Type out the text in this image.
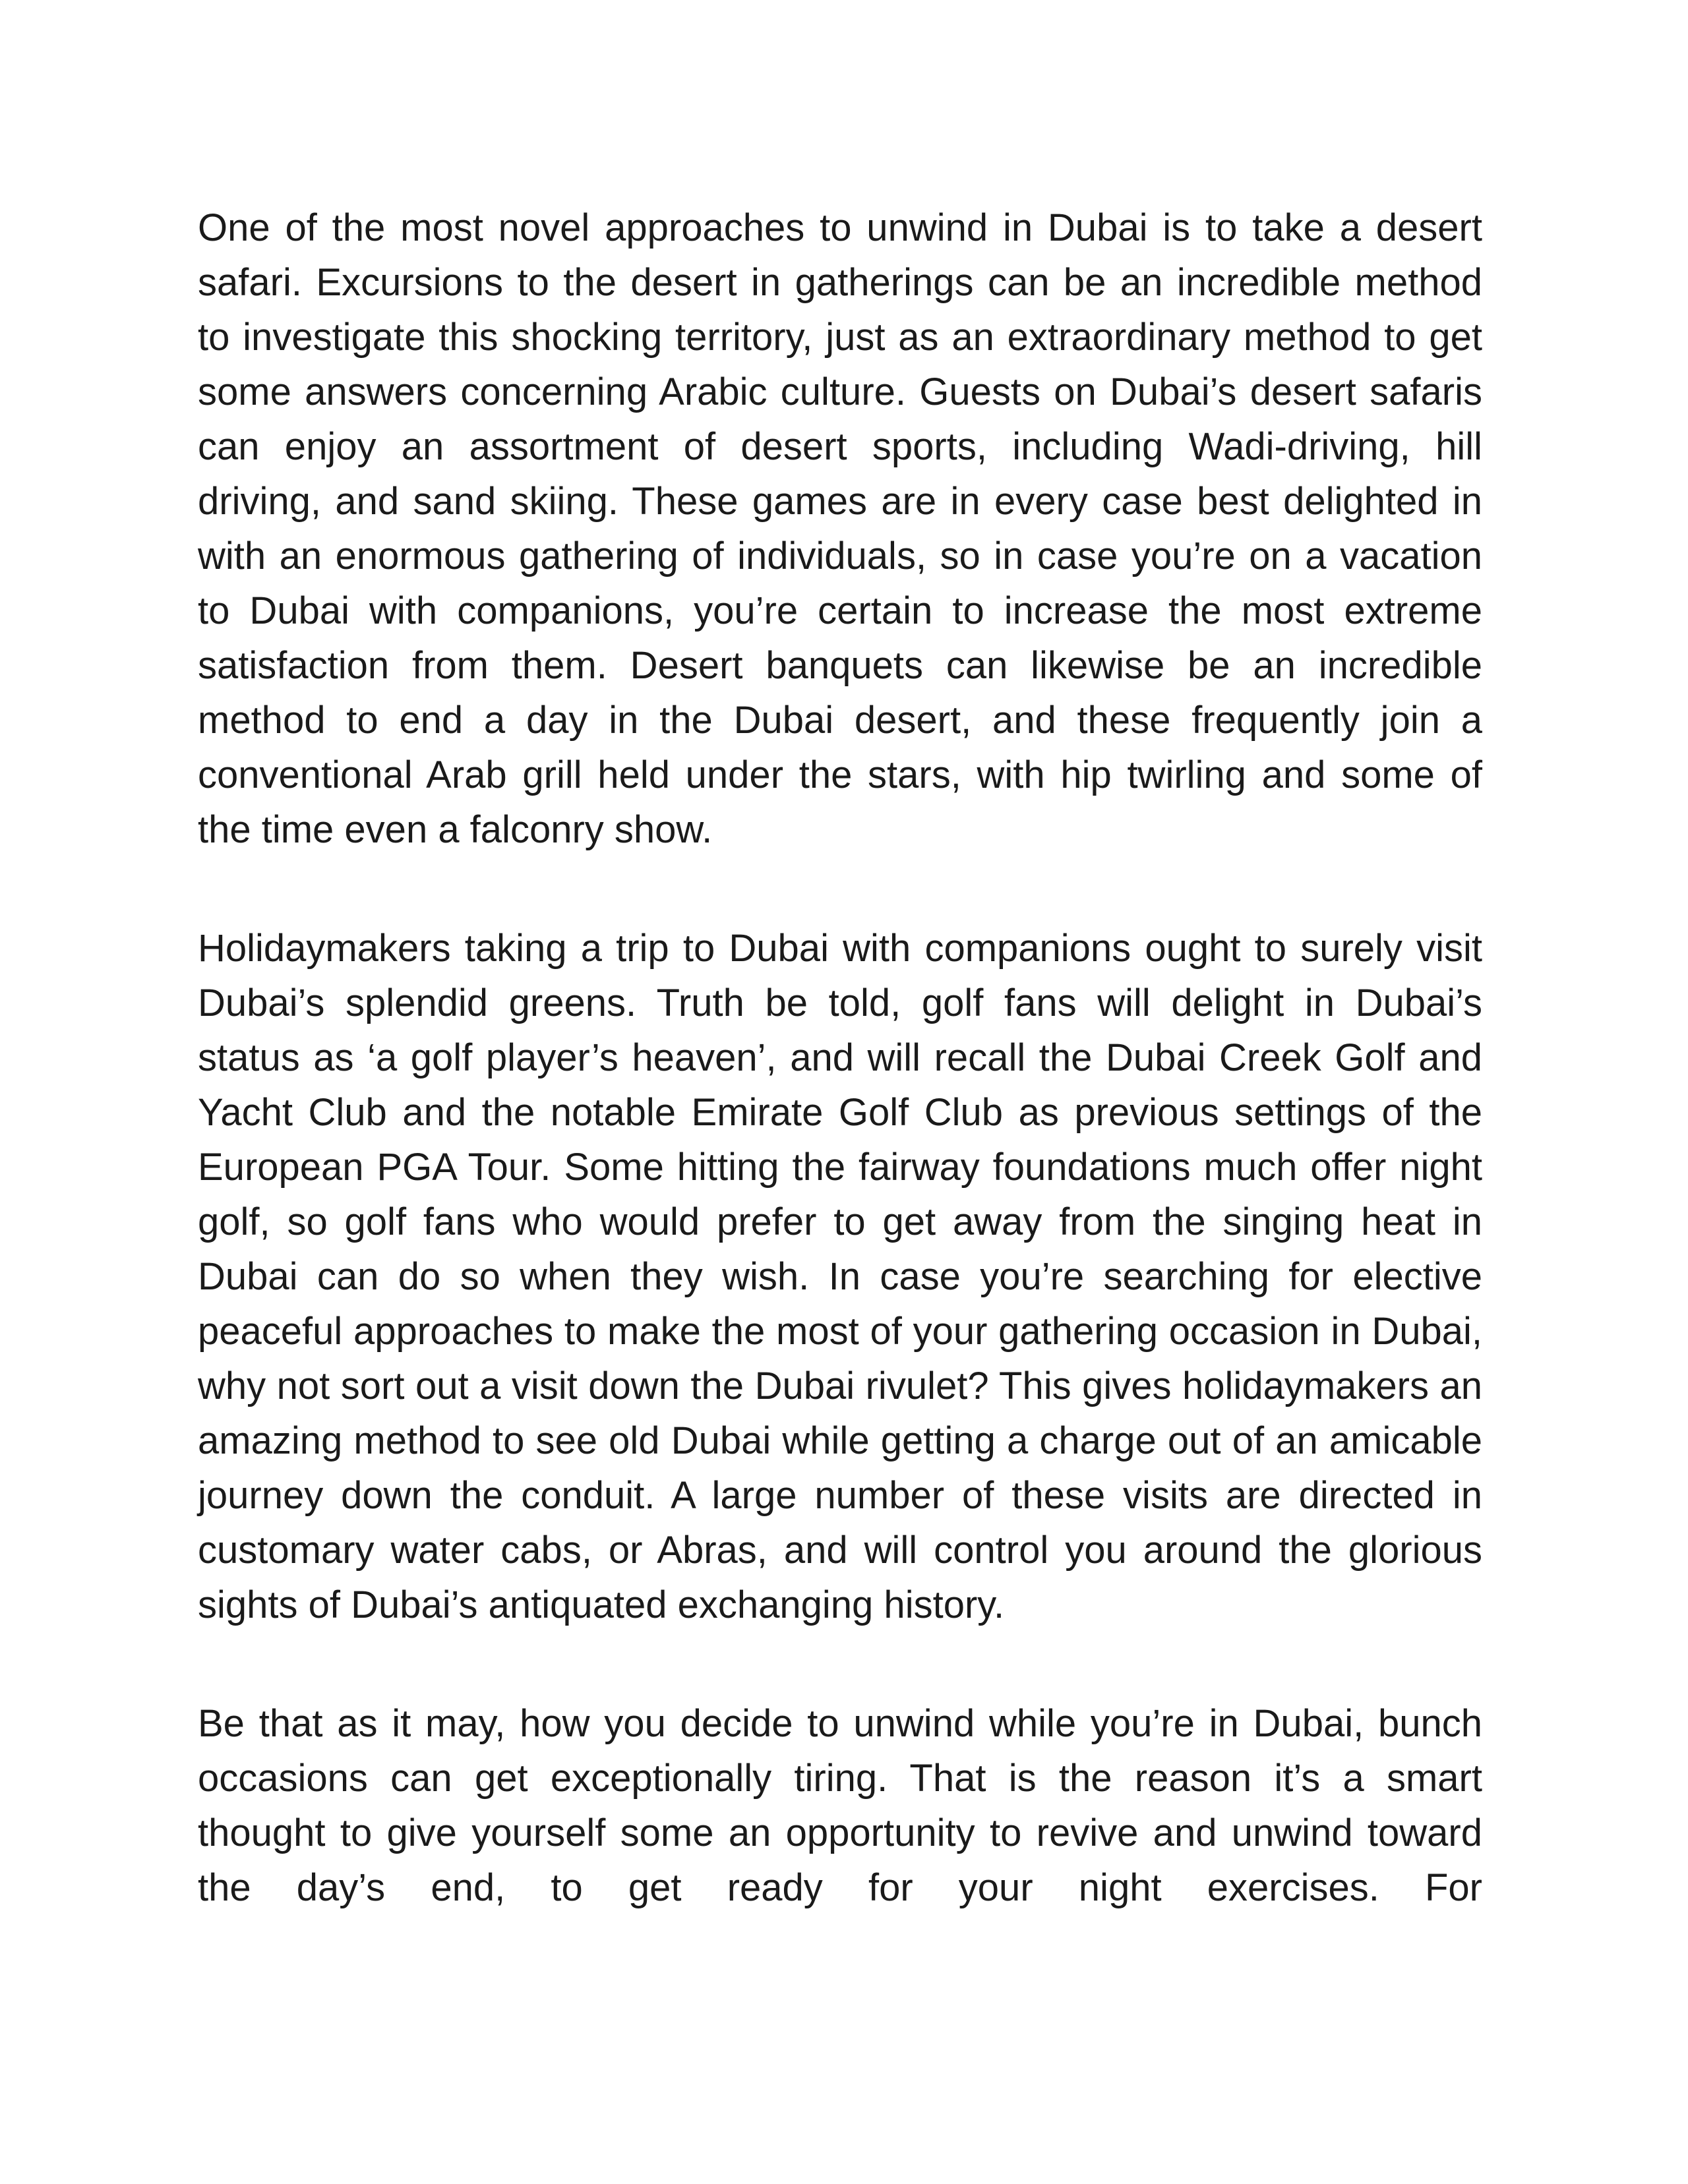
One of the most novel approaches to unwind in Dubai is to take a desert safari. Excursions to the desert in gatherings can be an incredible method to investigate this shocking territory, just as an extraordinary method to get some answers concerning Arabic culture. Guests on Dubai’s desert safaris can enjoy an assortment of desert sports, including Wadi-driving, hill driving, and sand skiing. These games are in every case best delighted in with an enormous gathering of individuals, so in case you’re on a vacation to Dubai with companions, you’re certain to increase the most extreme satisfaction from them. Desert banquets can likewise be an incredible method to end a day in the Dubai desert, and these frequently join a conventional Arab grill held under the stars, with hip twirling and some of the time even a falconry show.

Holidaymakers taking a trip to Dubai with companions ought to surely visit Dubai’s splendid greens. Truth be told, golf fans will delight in Dubai’s status as ‘a golf player’s heaven’, and will recall the Dubai Creek Golf and Yacht Club and the notable Emirate Golf Club as previous settings of the European PGA Tour. Some hitting the fairway foundations much offer night golf, so golf fans who would prefer to get away from the singing heat in Dubai can do so when they wish. In case you’re searching for elective peaceful approaches to make the most of your gathering occasion in Dubai, why not sort out a visit down the Dubai rivulet? This gives holidaymakers an amazing method to see old Dubai while getting a charge out of an amicable journey down the conduit. A large number of these visits are directed in customary water cabs, or Abras, and will control you around the glorious sights of Dubai’s antiquated exchanging history.

Be that as it may, how you decide to unwind while you’re in Dubai, bunch occasions can get exceptionally tiring. That is the reason it’s a smart thought to give yourself some an opportunity to revive and unwind toward the day’s end, to get ready for your night exercises. For
